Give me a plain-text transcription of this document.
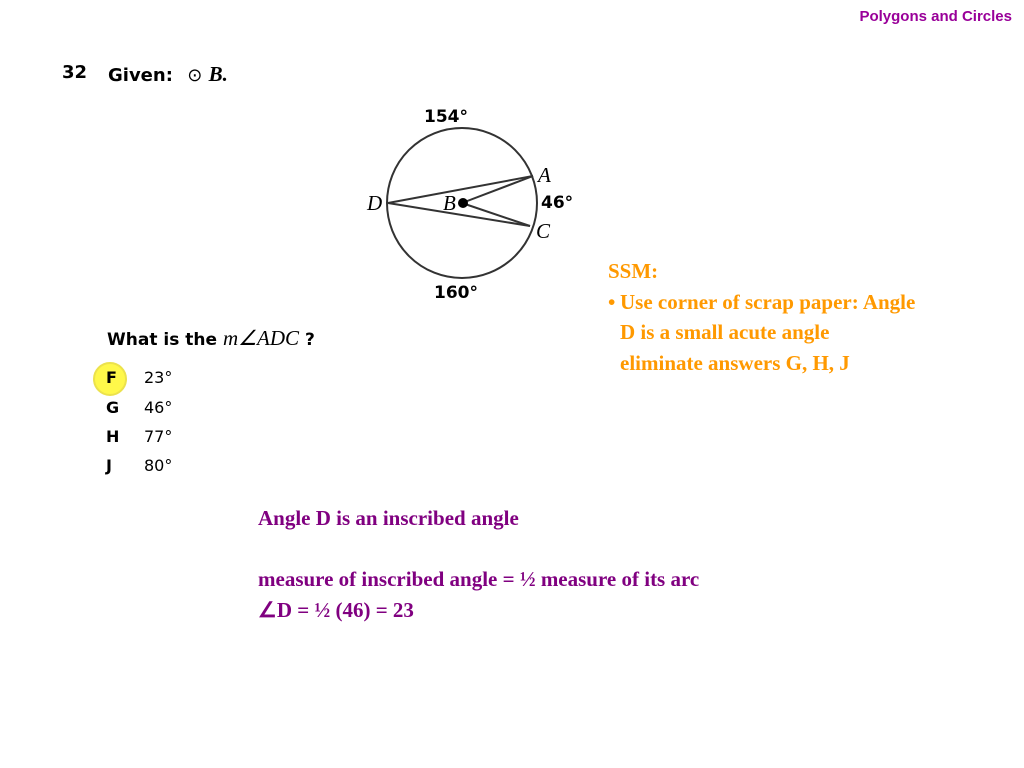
Polygons and Circles
32 Given: ⊙ B.
154°
46°
160°
A
B
C
D
What is the m∠ADC ?
F 23°
G 46°
H 77°
J 80°
SSM:
• Use corner of scrap paper: Angle
D is a small acute angle
eliminate answers G, H, J
Angle D is an inscribed angle
measure of inscribed angle = ½ measure of its arc
∠D = ½ (46) = 23
